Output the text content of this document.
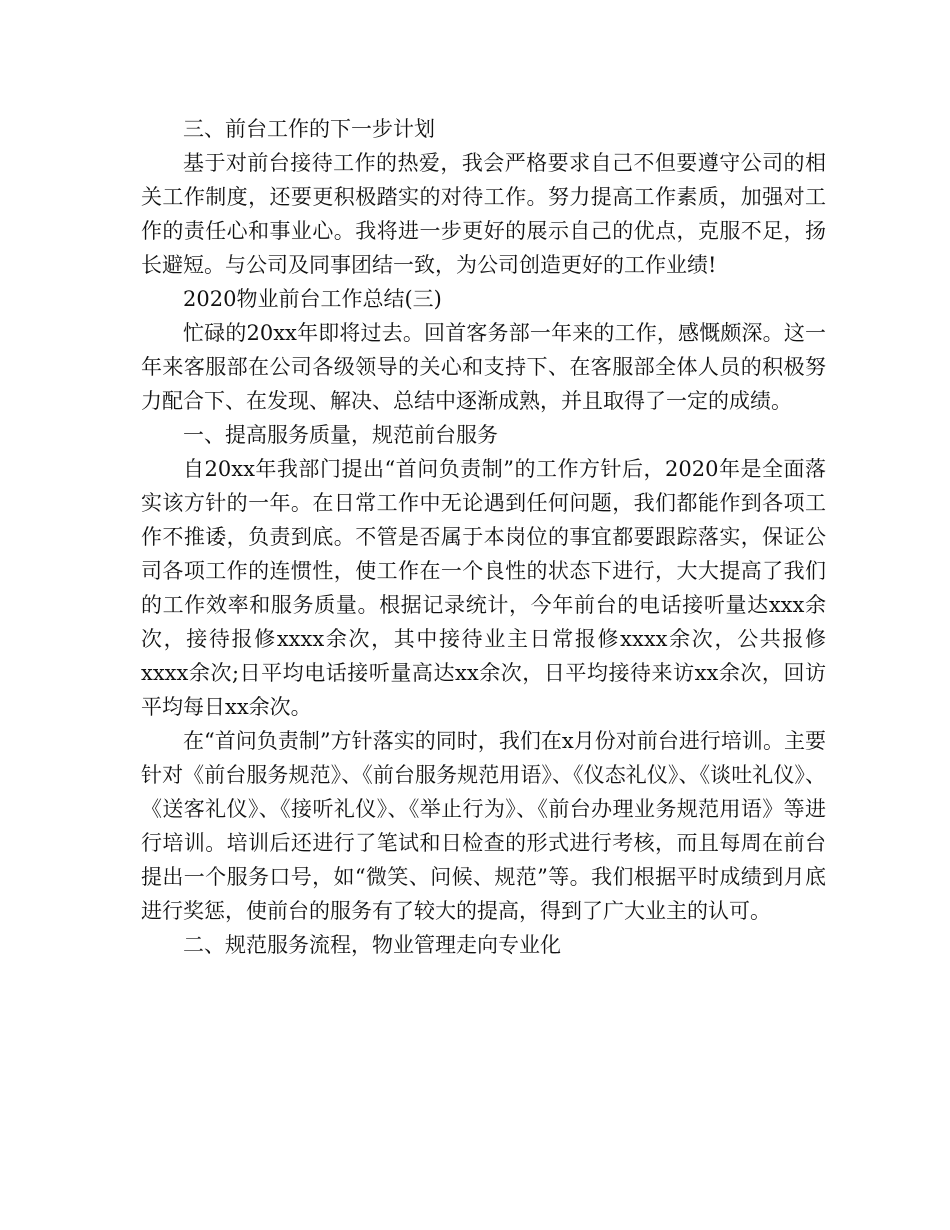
三、前台工作的下一步计划

基于对前台接待工作的热爱，我会严格要求自己不但要遵守公司的相关工作制度，还要更积极踏实的对待工作。努力提高工作素质，加强对工作的责任心和事业心。我将进一步更好的展示自己的优点，克服不足，扬长避短。与公司及同事团结一致，为公司创造更好的工作业绩!

2020物业前台工作总结(三)

忙碌的20xx年即将过去。回首客务部一年来的工作，感慨颇深。这一年来客服部在公司各级领导的关心和支持下、在客服部全体人员的积极努力配合下、在发现、解决、总结中逐渐成熟，并且取得了一定的成绩。

一、提高服务质量，规范前台服务

自20xx年我部门提出“首问负责制”的工作方针后，2020年是全面落实该方针的一年。在日常工作中无论遇到任何问题，我们都能作到各项工作不推诿，负责到底。不管是否属于本岗位的事宜都要跟踪落实，保证公司各项工作的连惯性，使工作在一个良性的状态下进行，大大提高了我们的工作效率和服务质量。根据记录统计，今年前台的电话接听量达xxx余次，接待报修xxxx余次，其中接待业主日常报修xxxx余次，公共报修xxxx余次;日平均电话接听量高达xx余次，日平均接待来访xx余次，回访平均每日xx余次。

在“首问负责制”方针落实的同时，我们在x月份对前台进行培训。主要针对《前台服务规范》、《前台服务规范用语》、《仪态礼仪》、《谈吐礼仪》、《送客礼仪》、《接听礼仪》、《举止行为》、《前台办理业务规范用语》等进行培训。培训后还进行了笔试和日检查的形式进行考核，而且每周在前台提出一个服务口号，如“微笑、问候、规范”等。我们根据平时成绩到月底进行奖惩，使前台的服务有了较大的提高，得到了广大业主的认可。

二、规范服务流程，物业管理走向专业化
